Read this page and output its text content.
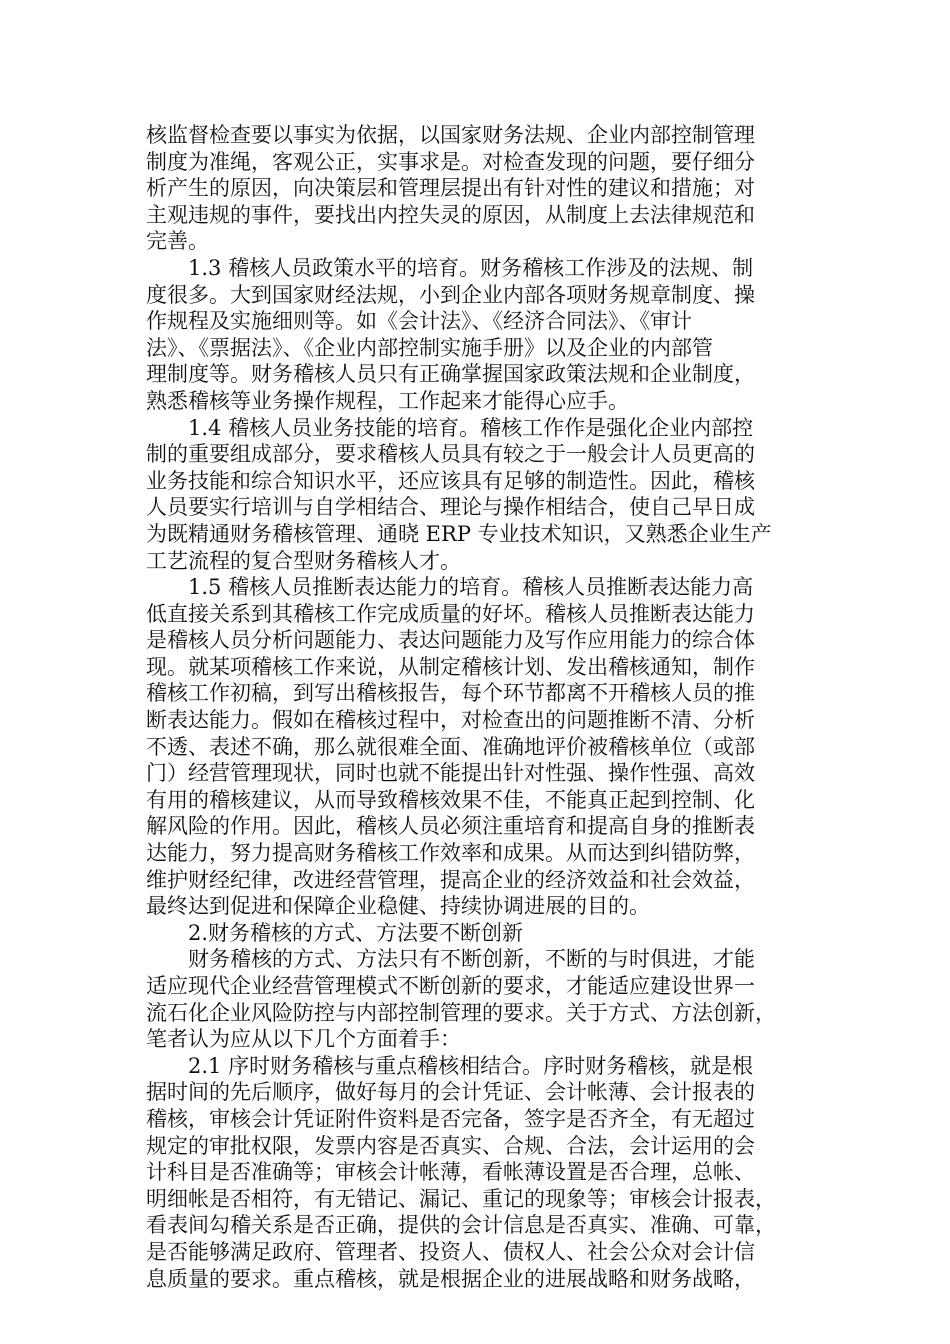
核监督检查要以事实为依据，以国家财务法规、企业内部控制管理
制度为准绳，客观公正，实事求是。对检查发现的问题，要仔细分
析产生的原因，向决策层和管理层提出有针对性的建议和措施；对
主观违规的事件，要找出内控失灵的原因，从制度上去法律规范和
完善。
1.3 稽核人员政策水平的培育。财务稽核工作涉及的法规、制
度很多。大到国家财经法规，小到企业内部各项财务规章制度、操
作规程及实施细则等。如《会计法》、《经济合同法》、《审计
法》、《票据法》、《企业内部控制实施手册》以及企业的内部管
理制度等。财务稽核人员只有正确掌握国家政策法规和企业制度，
熟悉稽核等业务操作规程，工作起来才能得心应手。
1.4 稽核人员业务技能的培育。稽核工作作是强化企业内部控
制的重要组成部分，要求稽核人员具有较之于一般会计人员更高的
业务技能和综合知识水平，还应该具有足够的制造性。因此，稽核
人员要实行培训与自学相结合、理论与操作相结合，使自己早日成
为既精通财务稽核管理、通晓 ERP 专业技术知识，又熟悉企业生产
工艺流程的复合型财务稽核人才。
1.5 稽核人员推断表达能力的培育。稽核人员推断表达能力高
低直接关系到其稽核工作完成质量的好坏。稽核人员推断表达能力
是稽核人员分析问题能力、表达问题能力及写作应用能力的综合体
现。就某项稽核工作来说，从制定稽核计划、发出稽核通知，制作
稽核工作初稿，到写出稽核报告，每个环节都离不开稽核人员的推
断表达能力。假如在稽核过程中，对检查出的问题推断不清、分析
不透、表述不确，那么就很难全面、准确地评价被稽核单位（或部
门）经营管理现状，同时也就不能提出针对性强、操作性强、高效
有用的稽核建议，从而导致稽核效果不佳，不能真正起到控制、化
解风险的作用。因此，稽核人员必须注重培育和提高自身的推断表
达能力，努力提高财务稽核工作效率和成果。从而达到纠错防弊，
维护财经纪律，改进经营管理，提高企业的经济效益和社会效益，
最终达到促进和保障企业稳健、持续协调进展的目的。
2.财务稽核的方式、方法要不断创新
财务稽核的方式、方法只有不断创新，不断的与时俱进，才能
适应现代企业经营管理模式不断创新的要求，才能适应建设世界一
流石化企业风险防控与内部控制管理的要求。关于方式、方法创新，
笔者认为应从以下几个方面着手：
2.1 序时财务稽核与重点稽核相结合。序时财务稽核，就是根
据时间的先后顺序，做好每月的会计凭证、会计帐薄、会计报表的
稽核，审核会计凭证附件资料是否完备，签字是否齐全，有无超过
规定的审批权限，发票内容是否真实、合规、合法，会计运用的会
计科目是否准确等；审核会计帐薄，看帐薄设置是否合理，总帐、
明细帐是否相符，有无错记、漏记、重记的现象等；审核会计报表，
看表间勾稽关系是否正确，提供的会计信息是否真实、准确、可靠，
是否能够满足政府、管理者、投资人、债权人、社会公众对会计信
息质量的要求。重点稽核，就是根据企业的进展战略和财务战略，
